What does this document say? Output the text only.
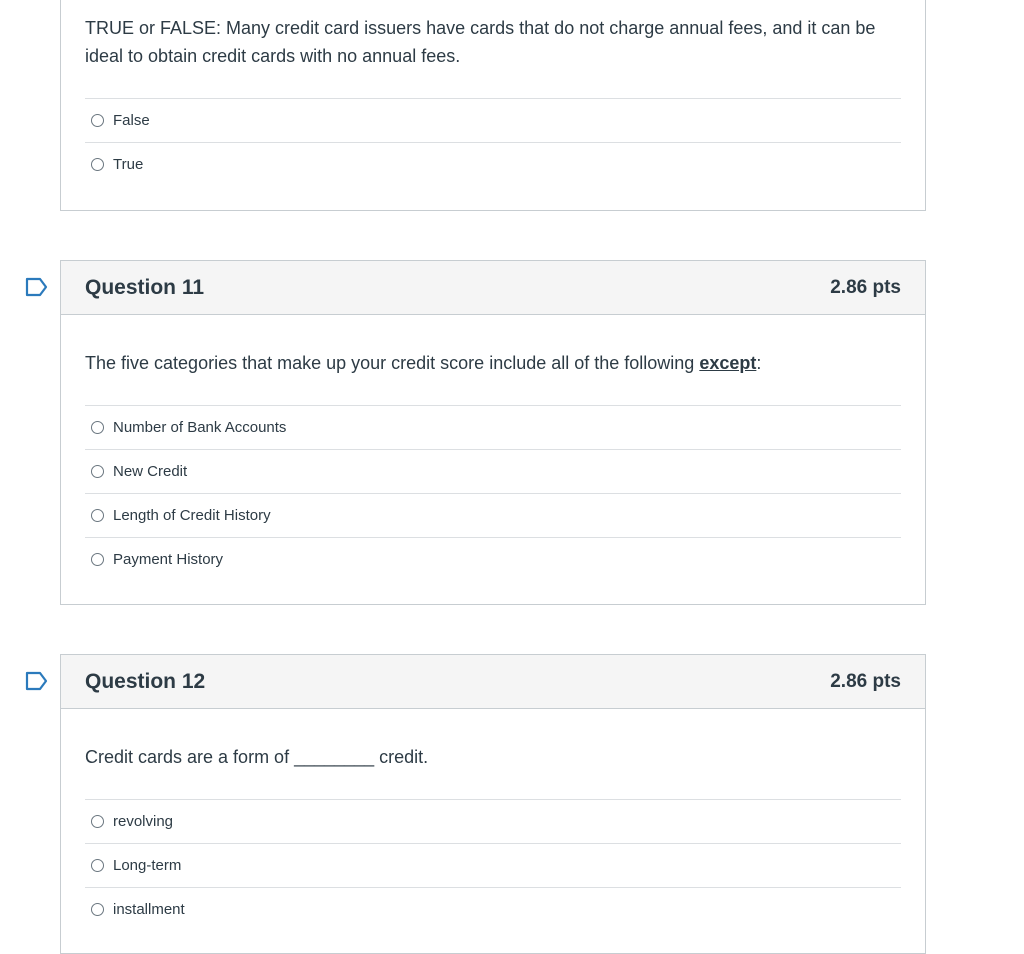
TRUE or FALSE: Many credit card issuers have cards that do not charge annual fees, and it can be ideal to obtain credit cards with no annual fees.
False
True
Question 11	2.86 pts
The five categories that make up your credit score include all of the following except:
Number of Bank Accounts
New Credit
Length of Credit History
Payment History
Question 12	2.86 pts
Credit cards are a form of ________ credit.
revolving
Long-term
installment
